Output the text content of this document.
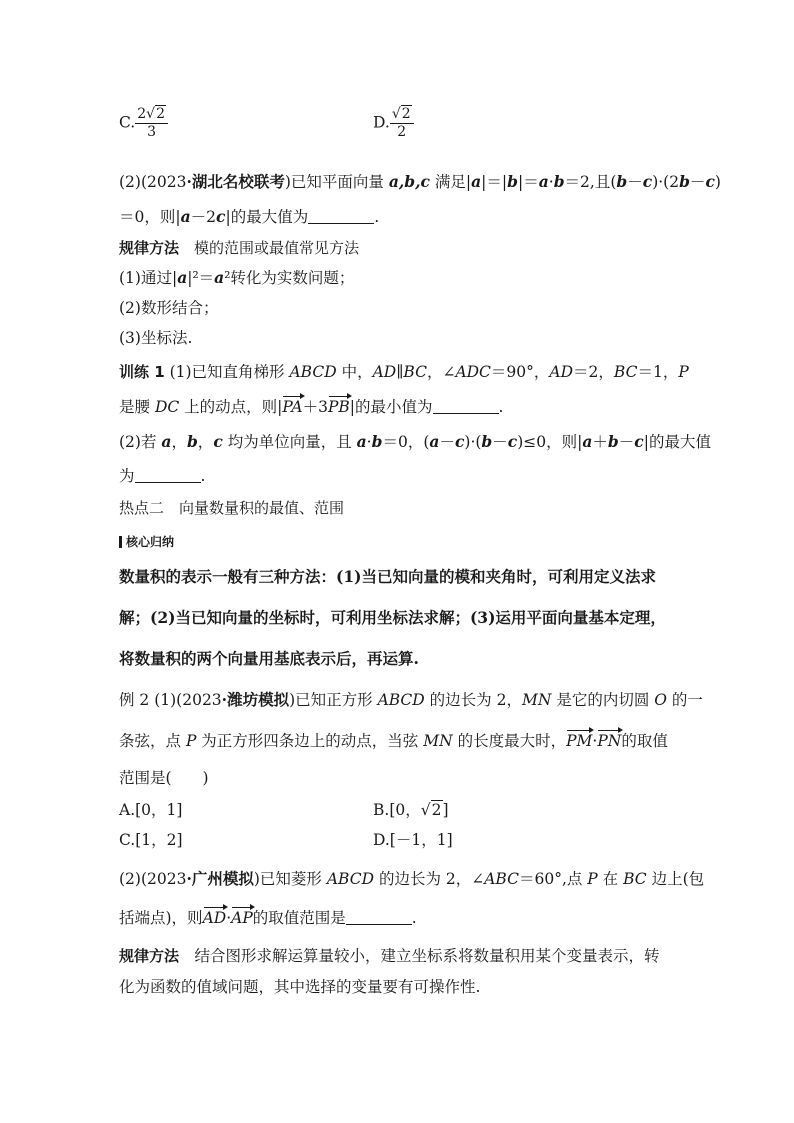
C. $\frac{2√2}{3}$	D. $\frac{√2}{2}$
(2)(2023·湖北名校联考)已知平面向量 a,b,c 满足|a|＝|b|＝a·b＝2,且(b－c)·(2b－c)
＝0，则|a－2c|的最大值为	.
规律方法　 模的范围或最值常见方法
(1)通过|a|²＝a²转化为实数问题；
(2)数形结合；
(3)坐标法.
训练 1 (1)已知直角梯形 ABCD 中，AD∥BC，∠ADC＝90°，AD＝2，BC＝1，P
是腰 DC 上的动点，则|PA＋3PB|的最小值为	.
(2)若 a，b，c 均为单位向量，且 a·b＝0，(a－c)·(b－c)≤0，则|a＋b－c|的最大值
为	.
热点二　向量数量积的最值、范围
核心归纳
数量积的表示一般有三种方法：(1)当已知向量的模和夹角时，可利用定义法求
解；(2)当已知向量的坐标时，可利用坐标法求解；(3)运用平面向量基本定理，
将数量积的两个向量用基底表示后，再运算.
例 2 (1)(2023·潍坊模拟)已知正方形 ABCD 的边长为 2，MN 是它的内切圆 O 的一
条弦，点 P 为正方形四条边上的动点，当弦 MN 的长度最大时，PM·PN的取值
范围是(　　)
A.[0，1]	B.[0，√2]
C.[1，2]	D.[－1，1]
(2)(2023·广州模拟)已知菱形 ABCD 的边长为 2，∠ABC＝60°,点 P 在 BC 边上(包
括端点)，则AD·AP的取值范围是	.
规律方法　 结合图形求解运算量较小，建立坐标系将数量积用某个变量表示，转
化为函数的值域问题，其中选择的变量要有可操作性.
